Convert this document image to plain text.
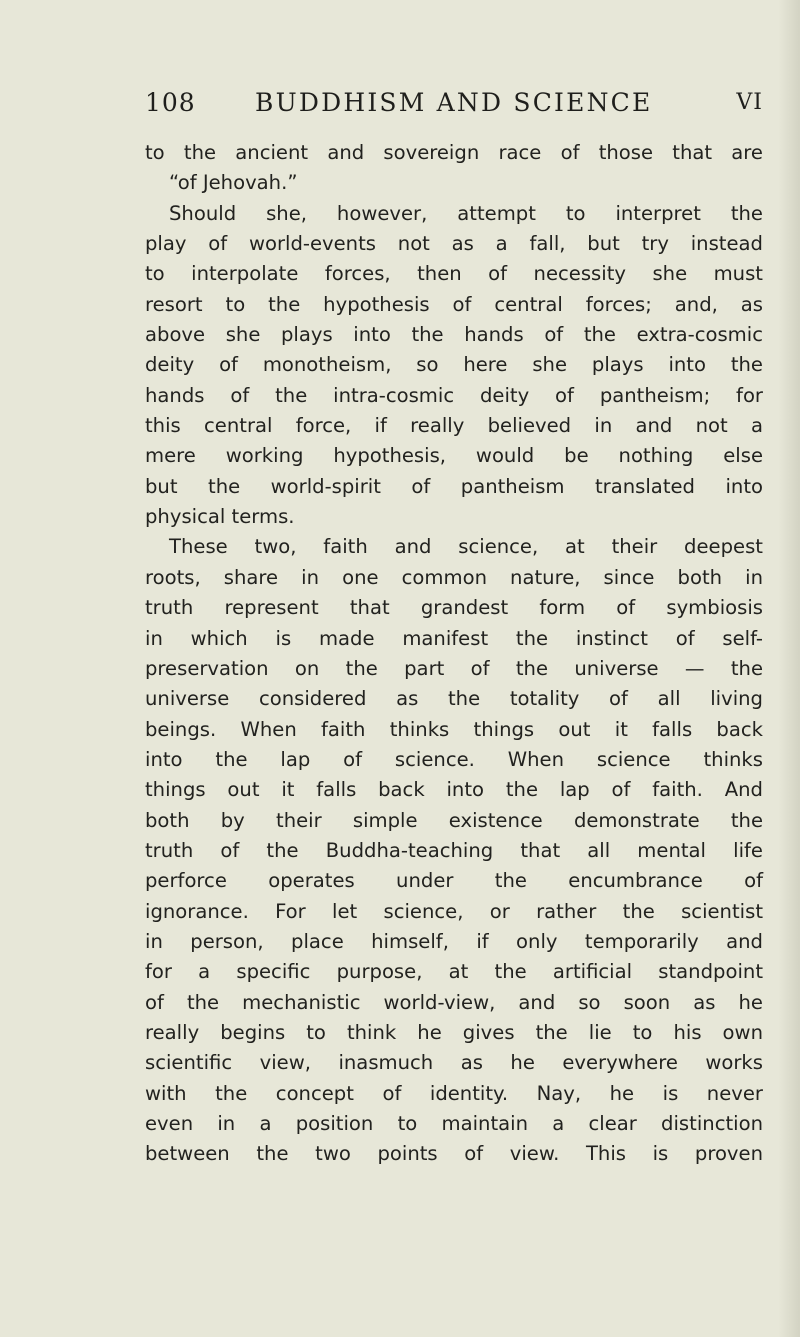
108 BUDDHISM AND SCIENCE	VI
to the ancient and sovereign race of those that are
“of Jehovah.”
Should she, however, attempt to interpret the
play of world-events not as a fall, but try instead
to interpolate forces, then of necessity she must
resort to the hypothesis of central forces; and, as
above she plays into the hands of the extra-cosmic
deity of monotheism, so here she plays into the
hands of the intra-cosmic deity of pantheism; for
this central force, if really believed in and not a
mere working hypothesis, would be nothing else
but the world-spirit of pantheism translated into
physical terms.
These two, faith and science, at their deepest
roots, share in one common nature, since both in
truth represent that grandest form of symbiosis
in which is made manifest the instinct of self-
preservation on the part of the universe — the
universe considered as the totality of all living
beings. When faith thinks things out it falls back
into the lap of science. When science thinks
things out it falls back into the lap of faith. And
both by their simple existence demonstrate the
truth of the Buddha-teaching that all mental life
perforce operates under the encumbrance of
ignorance. For let science, or rather the scientist
in person, place himself, if only temporarily and
for a specific purpose, at the artificial standpoint
of the mechanistic world-view, and so soon as he
really begins to think he gives the lie to his own
scientific view, inasmuch as he everywhere works
with the concept of identity. Nay, he is never
even in a position to maintain a clear distinction
between the two points of view. This is proven
